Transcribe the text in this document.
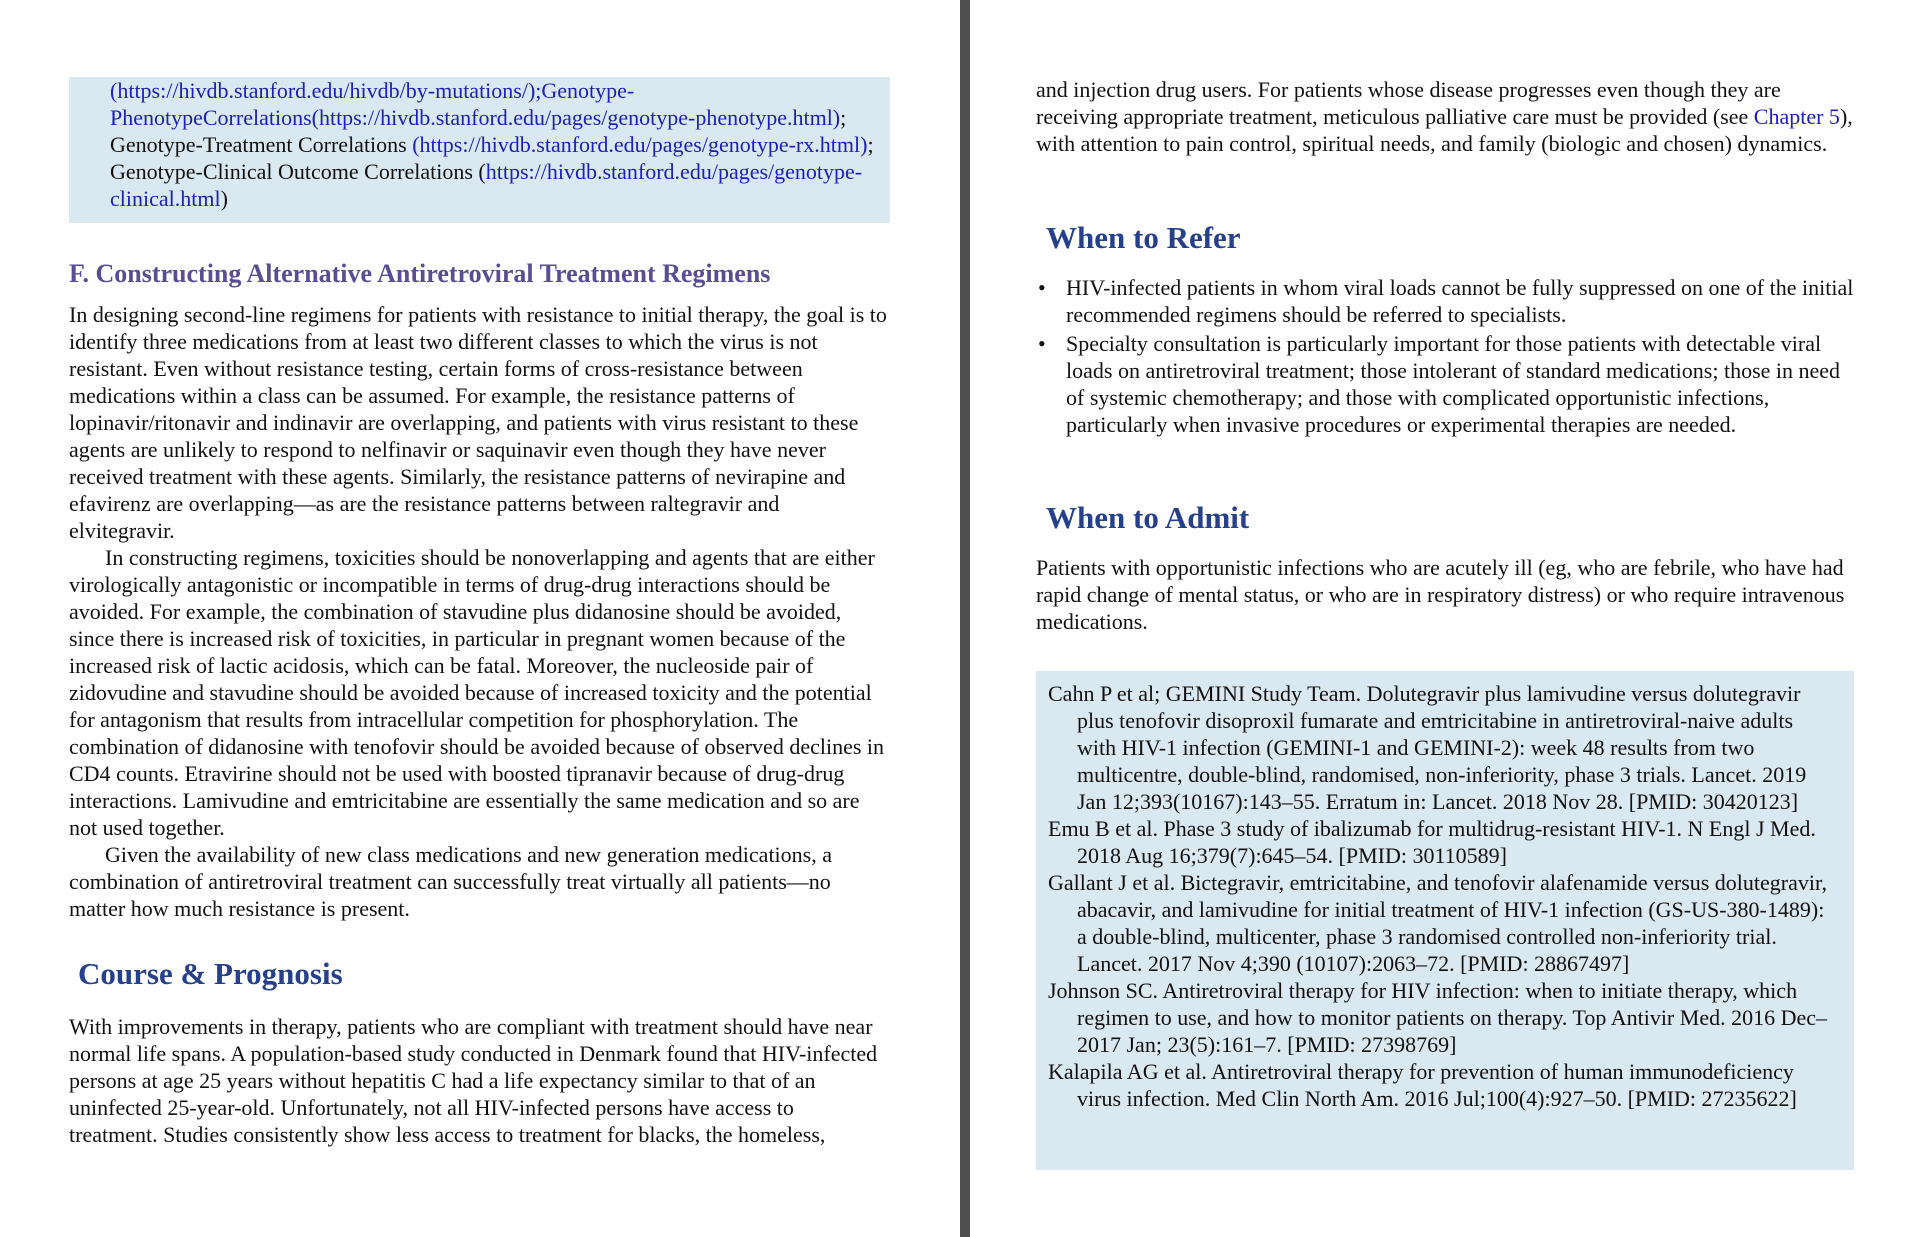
(https://hivdb.stanford.edu/hivdb/by-mutations/);Genotype-PhenotypeCorrelations(https://hivdb.stanford.edu/pages/genotype-phenotype.html); Genotype-Treatment Correlations (https://hivdb.stanford.edu/pages/genotype-rx.html); Genotype-Clinical Outcome Correlations (https://hivdb.stanford.edu/pages/genotype-clinical.html)

F. Constructing Alternative Antiretroviral Treatment Regimens

In designing second-line regimens for patients with resistance to initial therapy, the goal is to identify three medications from at least two different classes to which the virus is not resistant. Even without resistance testing, certain forms of cross-resistance between medications within a class can be assumed. For example, the resistance patterns of lopinavir/ritonavir and indinavir are overlapping, and patients with virus resistant to these agents are unlikely to respond to nelfinavir or saquinavir even though they have never received treatment with these agents. Similarly, the resistance patterns of nevirapine and efavirenz are overlapping—as are the resistance patterns between raltegravir and elvitegravir.

In constructing regimens, toxicities should be nonoverlapping and agents that are either virologically antagonistic or incompatible in terms of drug-drug interactions should be avoided. For example, the combination of stavudine plus didanosine should be avoided, since there is increased risk of toxicities, in particular in pregnant women because of the increased risk of lactic acidosis, which can be fatal. Moreover, the nucleoside pair of zidovudine and stavudine should be avoided because of increased toxicity and the potential for antagonism that results from intracellular competition for phosphorylation. The combination of didanosine with tenofovir should be avoided because of observed declines in CD4 counts. Etravirine should not be used with boosted tipranavir because of drug-drug interactions. Lamivudine and emtricitabine are essentially the same medication and so are not used together.

Given the availability of new class medications and new generation medications, a combination of antiretroviral treatment can successfully treat virtually all patients—no matter how much resistance is present.

Course & Prognosis

With improvements in therapy, patients who are compliant with treatment should have near normal life spans. A population-based study conducted in Denmark found that HIV-infected persons at age 25 years without hepatitis C had a life expectancy similar to that of an uninfected 25-year-old. Unfortunately, not all HIV-infected persons have access to treatment. Studies consistently show less access to treatment for blacks, the homeless,

and injection drug users. For patients whose disease progresses even though they are receiving appropriate treatment, meticulous palliative care must be provided (see Chapter 5), with attention to pain control, spiritual needs, and family (biologic and chosen) dynamics.

When to Refer
• HIV-infected patients in whom viral loads cannot be fully suppressed on one of the initial recommended regimens should be referred to specialists.
• Specialty consultation is particularly important for those patients with detectable viral loads on antiretroviral treatment; those intolerant of standard medications; those in need of systemic chemotherapy; and those with complicated opportunistic infections, particularly when invasive procedures or experimental therapies are needed.
When to Admit

Patients with opportunistic infections who are acutely ill (eg, who are febrile, who have had rapid change of mental status, or who are in respiratory distress) or who require intravenous medications.

Cahn P et al; GEMINI Study Team. Dolutegravir plus lamivudine versus dolutegravir plus tenofovir disoproxil fumarate and emtricitabine in antiretroviral-naive adults with HIV-1 infection (GEMINI-1 and GEMINI-2): week 48 results from two multicentre, double-blind, randomised, non-inferiority, phase 3 trials. Lancet. 2019 Jan 12;393(10167):143–55. Erratum in: Lancet. 2018 Nov 28. [PMID: 30420123]

Emu B et al. Phase 3 study of ibalizumab for multidrug-resistant HIV-1. N Engl J Med. 2018 Aug 16;379(7):645–54. [PMID: 30110589]

Gallant J et al. Bictegravir, emtricitabine, and tenofovir alafenamide versus dolutegravir, abacavir, and lamivudine for initial treatment of HIV-1 infection (GS-US-380-1489): a double-blind, multicenter, phase 3 randomised controlled non-inferiority trial. Lancet. 2017 Nov 4;390 (10107):2063–72. [PMID: 28867497]

Johnson SC. Antiretroviral therapy for HIV infection: when to initiate therapy, which regimen to use, and how to monitor patients on therapy. Top Antivir Med. 2016 Dec–2017 Jan; 23(5):161–7. [PMID: 27398769]

Kalapila AG et al. Antiretroviral therapy for prevention of human immunodeficiency virus infection. Med Clin North Am. 2016 Jul;100(4):927–50. [PMID: 27235622]
